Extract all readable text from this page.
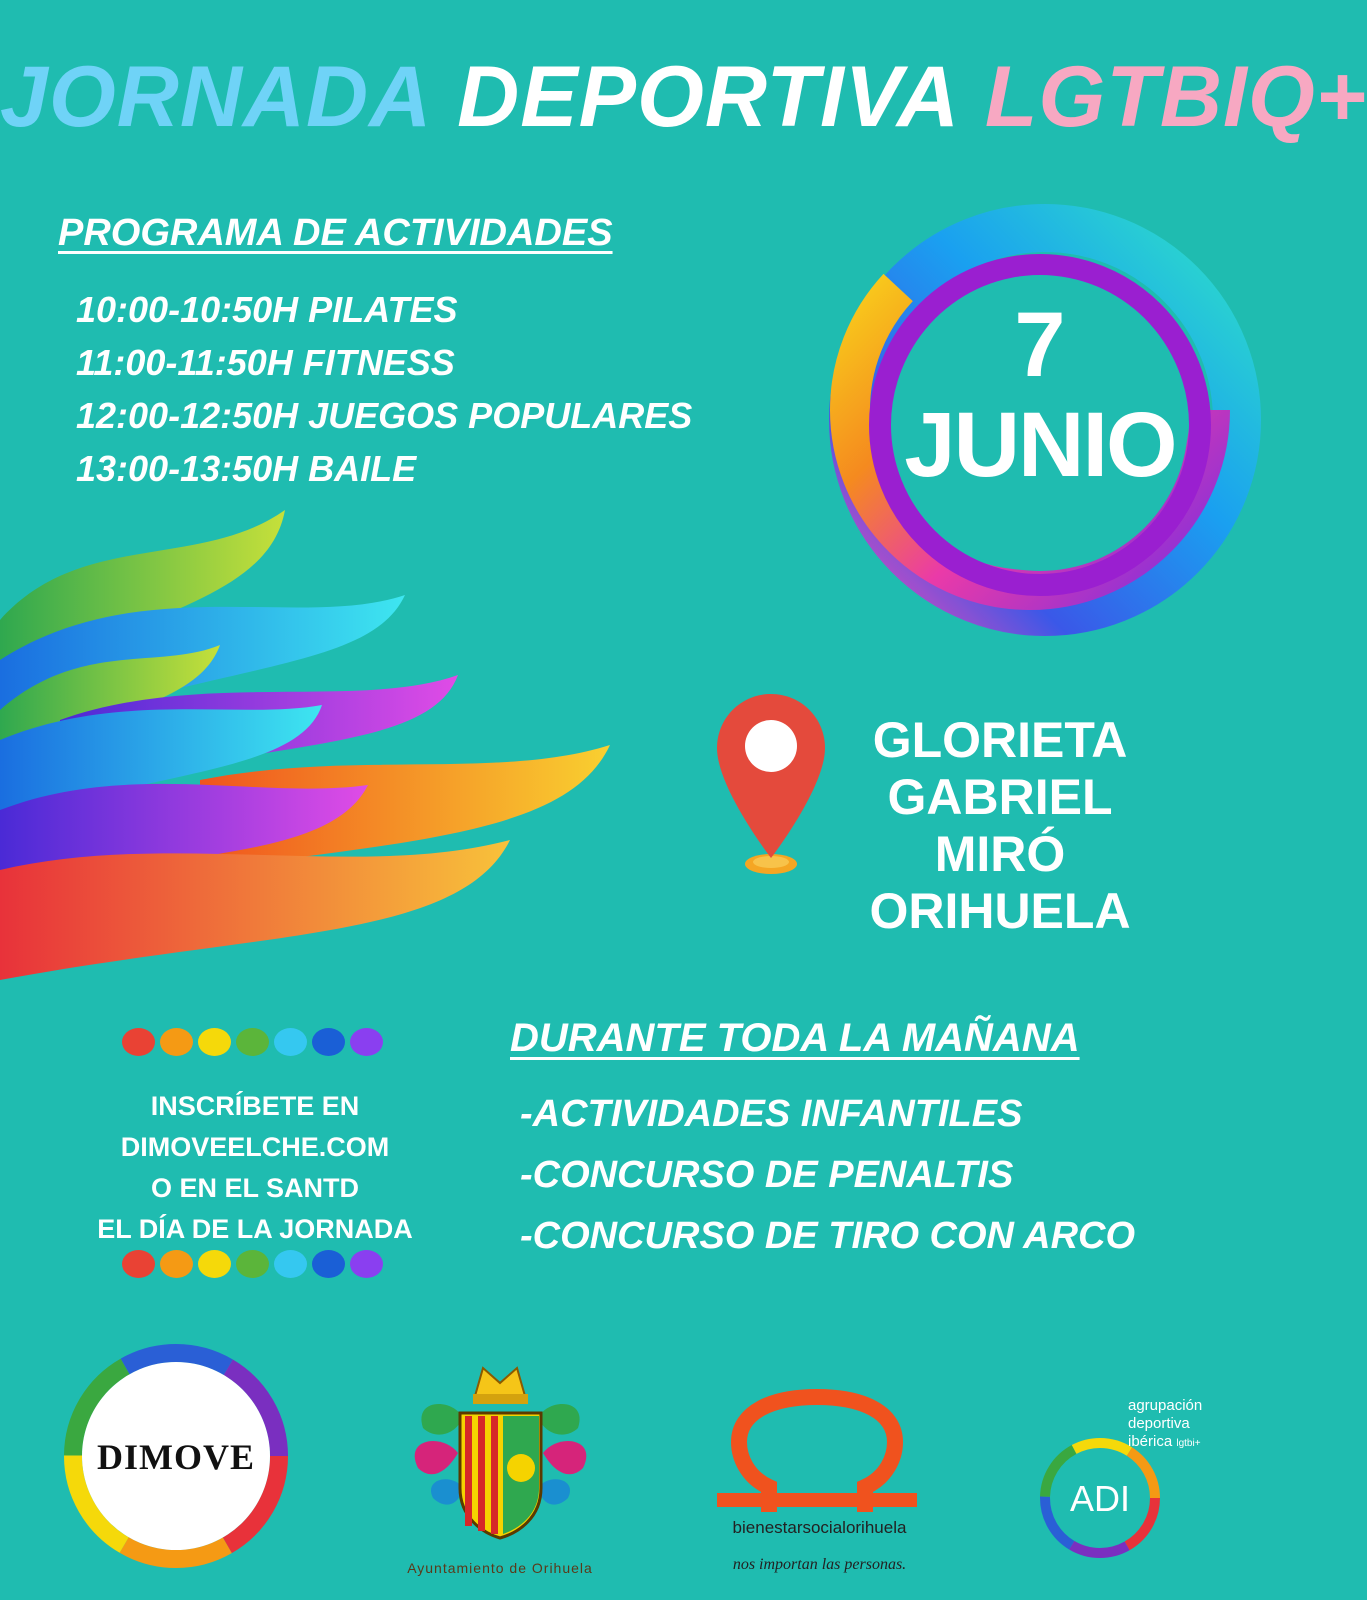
JORNADA DEPORTIVA LGTBIQ+
PROGRAMA DE ACTIVIDADES
10:00-10:50H PILATES
11:00-11:50H FITNESS
12:00-12:50H JUEGOS POPULARES
13:00-13:50H BAILE
7
JUNIO
GLORIETA
GABRIEL MIRÓ
ORIHUELA
INSCRÍBETE EN
DIMOVEELCHE.COM
O EN EL SANTD
EL DÍA DE LA JORNADA
DURANTE TODA LA MAÑANA
-ACTIVIDADES INFANTILES
-CONCURSO DE PENALTIS
-CONCURSO DE TIRO CON ARCO
DIMOVE
Ayuntamiento de Orihuela
bienestarsocialorihuela
nos importan las personas.
ADI
agrupación
deportiva
ibérica lgtbi+
